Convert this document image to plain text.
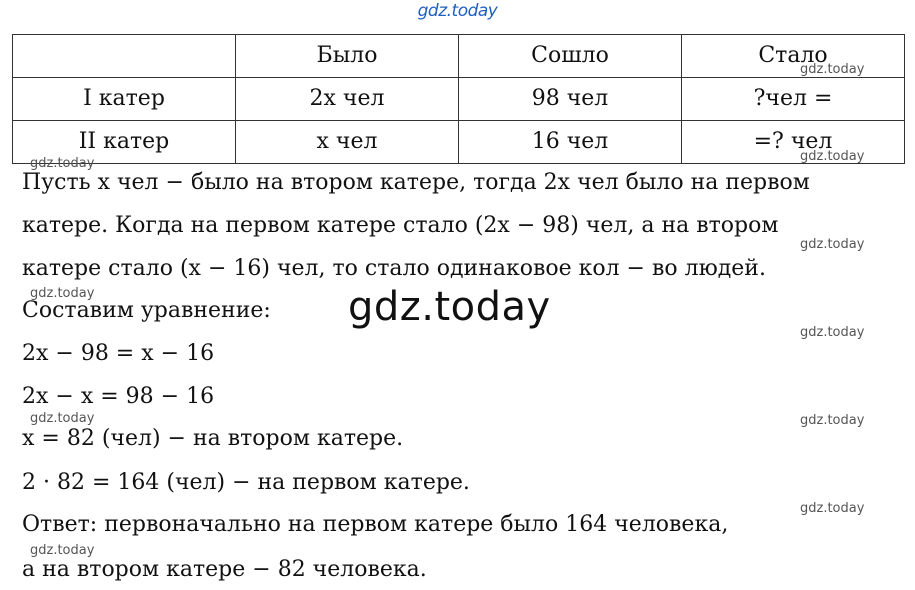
gdz.today
	Было	Сошло	Стало
I катер	2x чел	98 чел	?чел =
II катер	x чел	16 чел	=? чел
gdz.today
gdz.today
gdz.today
Пусть x чел − было на втором катере, тогда 2x чел было на первом
катере. Когда на первом катере стало (2x − 98) чел, а на втором
катере стало (x − 16) чел, то стало одинаковое кол − во людей.
Составим уравнение:
2x − 98 = x − 16
2x − x = 98 − 16
x = 82 (чел) − на втором катере.
2 · 82 = 164 (чел) − на первом катере.
Ответ: первоначально на первом катере было 164 человека,
а на втором катере − 82 человека.
gdz.today
gdz.today
gdz.today
gdz.today	gdz.today
gdz.today
gdz.today
gdz.today
